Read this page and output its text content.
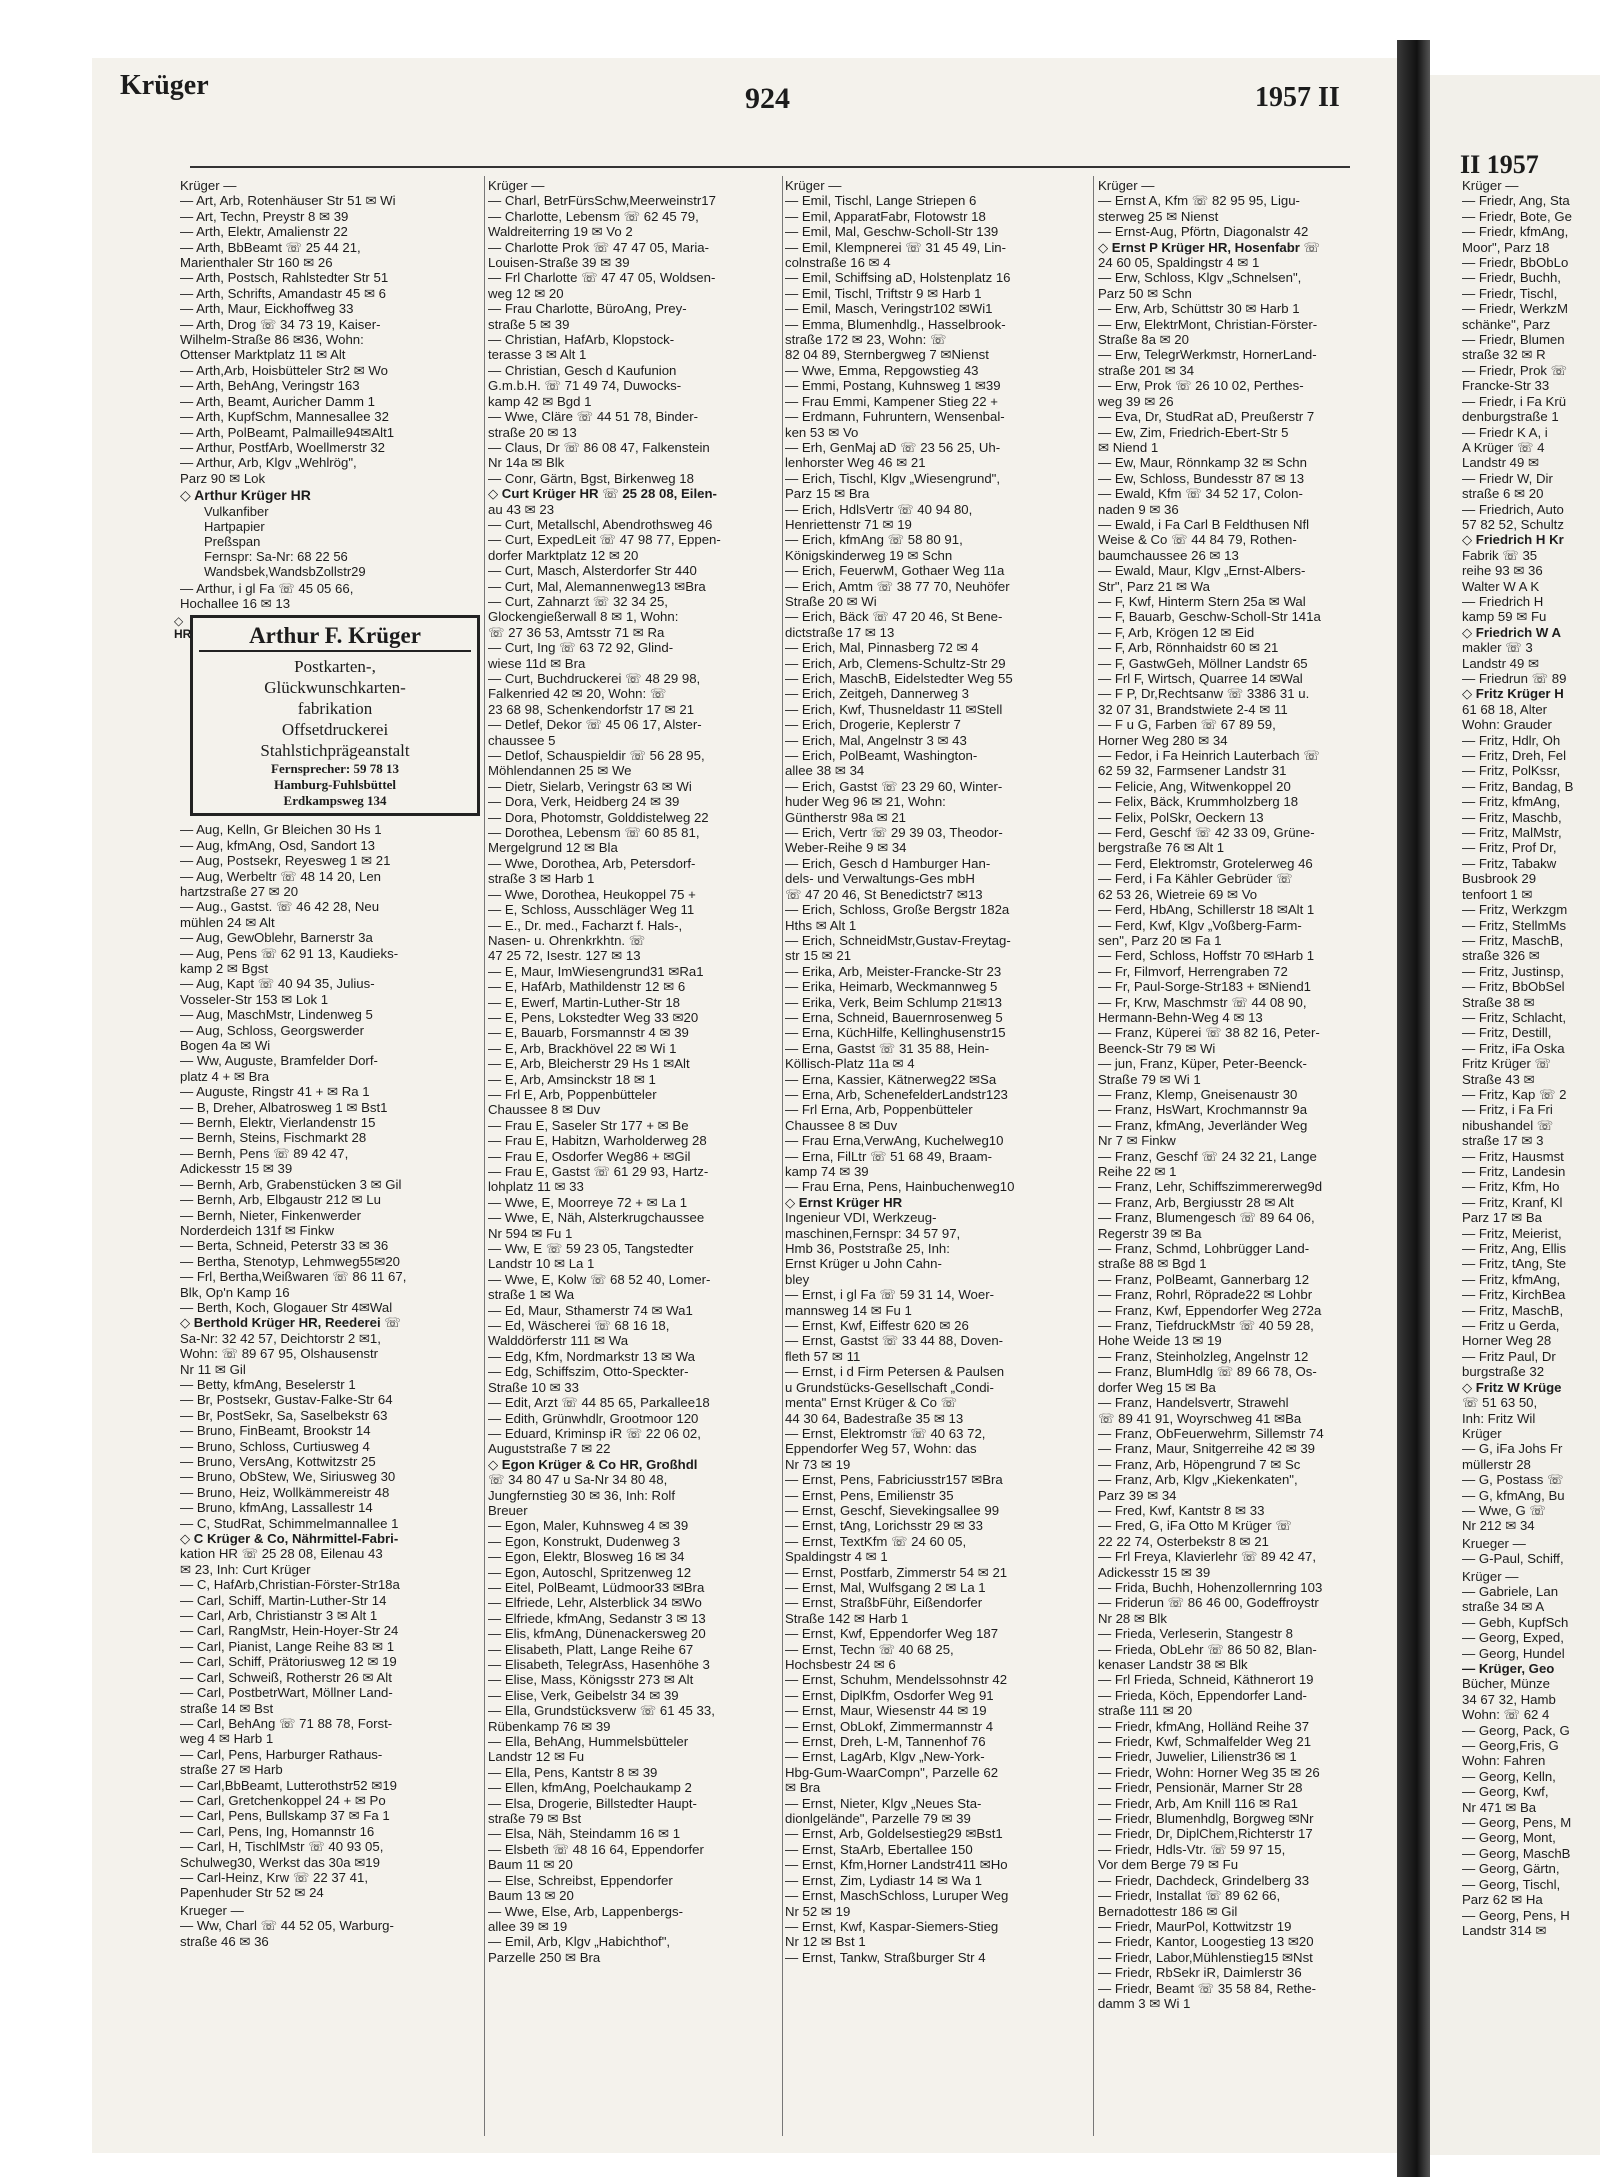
Krüger	924	1957 II
II 1957
Krüger —
— Art, Arb, Rotenhäuser Str 51 ✉ Wi
— Art, Techn, Preystr 8 ✉ 39
— Arth, Elektr, Amalienstr 22
— Arth, BbBeamt ☏ 25 44 21,
Marienthaler Str 160 ✉ 26
— Arth, Postsch, Rahlstedter Str 51
— Arth, Schrifts, Amandastr 45 ✉ 6
— Arth, Maur, Eickhoffweg 33
— Arth, Drog ☏ 34 73 19, Kaiser-
Wilhelm-Straße 86 ✉36, Wohn:
Ottenser Marktplatz 11 ✉ Alt
— Arth,Arb, Hoisbütteler Str2 ✉ Wo
— Arth, BehAng, Veringstr 163
— Arth, Beamt, Auricher Damm 1
— Arth, KupfSchm, Mannesallee 32
— Arth, PolBeamt, Palmaille94✉Alt1
— Arthur, PostfArb, Woellmerstr 32
— Arthur, Arb, Klgv „Wehlrög",
Parz 90 ✉ Lok
◇ Arthur Krüger HR
Vulkanfiber
Hartpapier
Preßspan
Fernspr: Sa-Nr: 68 22 56
Wandsbek,WandsbZollstr29
— Arthur, i gl Fa ☏ 45 05 66,
Hochallee 16 ✉ 13
◇ HR	Arthur F. Krüger
Postkarten-,
Glückwunschkarten-
fabrikation
Offsetdruckerei
Stahlstichprägeanstalt
Fernsprecher: 59 78 13
Hamburg-Fuhlsbüttel
Erdkampsweg 134
— Aug, Kelln, Gr Bleichen 30 Hs 1
— Aug, kfmAng, Osd, Sandort 13
— Aug, Postsekr, Reyesweg 1 ✉ 21
— Aug, Werbeltr ☏ 48 14 20, Len
hartzstraße 27 ✉ 20
— Aug., Gastst. ☏ 46 42 28, Neu
mühlen 24 ✉ Alt
— Aug, GewOblehr, Barnerstr 3a
— Aug, Pens ☏ 62 91 13, Kaudieks-
kamp 2 ✉ Bgst
— Aug, Kapt ☏ 40 94 35, Julius-
Vosseler-Str 153 ✉ Lok 1
— Aug, MaschMstr, Lindenweg 5
— Aug, Schloss, Georgswerder
Bogen 4a ✉ Wi
— Ww, Auguste, Bramfelder Dorf-
platz 4 + ✉ Bra
— Auguste, Ringstr 41 + ✉ Ra 1
— B, Dreher, Albatrosweg 1 ✉ Bst1
— Bernh, Elektr, Vierlandenstr 15
— Bernh, Steins, Fischmarkt 28
— Bernh, Pens ☏ 89 42 47,
Adickesstr 15 ✉ 39
— Bernh, Arb, Grabenstücken 3 ✉ Gil
— Bernh, Arb, Elbgaustr 212 ✉ Lu
— Bernh, Nieter, Finkenwerder
Norderdeich 131f ✉ Finkw
— Berta, Schneid, Peterstr 33 ✉ 36
— Bertha, Stenotyp, Lehmweg55✉20
— Frl, Bertha,Weißwaren ☏ 86 11 67,
Blk, Op'n Kamp 16
— Berth, Koch, Glogauer Str 4✉Wal
◇ Berthold Krüger HR, Reederei ☏
Sa-Nr: 32 42 57, Deichtorstr 2 ✉1,
Wohn: ☏ 89 67 95, Olshausenstr
Nr 11 ✉ Gil
— Betty, kfmAng, Beselerstr 1
— Br, Postsekr, Gustav-Falke-Str 64
— Br, PostSekr, Sa, Saselbekstr 63
— Bruno, FinBeamt, Brookstr 14
— Bruno, Schloss, Curtiusweg 4
— Bruno, VersAng, Kottwitzstr 25
— Bruno, ObStew, We, Siriusweg 30
— Bruno, Heiz, Wollkämmereistr 48
— Bruno, kfmAng, Lassallestr 14
— C, StudRat, Schimmelmannallee 1
◇ C Krüger & Co, Nährmittel-Fabri-
kation HR ☏ 25 28 08, Eilenau 43
✉ 23, Inh: Curt Krüger
— C, HafArb,Christian-Förster-Str18a
— Carl, Schiff, Martin-Luther-Str 14
— Carl, Arb, Christianstr 3 ✉ Alt 1
— Carl, RangMstr, Hein-Hoyer-Str 24
— Carl, Pianist, Lange Reihe 83 ✉ 1
— Carl, Schiff, Prätoriusweg 12 ✉ 19
— Carl, Schweiß, Rotherstr 26 ✉ Alt
— Carl, PostbetrWart, Möllner Land-
straße 14 ✉ Bst
— Carl, BehAng ☏ 71 88 78, Forst-
weg 4 ✉ Harb 1
— Carl, Pens, Harburger Rathaus-
straße 27 ✉ Harb
— Carl,BbBeamt, Lutterothstr52 ✉19
— Carl, Gretchenkoppel 24 + ✉ Po
— Carl, Pens, Bullskamp 37 ✉ Fa 1
— Carl, Pens, Ing, Homannstr 16
— Carl, H, TischlMstr ☏ 40 93 05,
Schulweg30, Werkst das 30a ✉19
— Carl-Heinz, Krw ☏ 22 37 41,
Papenhuder Str 52 ✉ 24
Krueger —
— Ww, Charl ☏ 44 52 05, Warburg-
straße 46 ✉ 36
Krüger —
— Charl, BetrFürsSchw,Meerweinstr17
— Charlotte, Lebensm ☏ 62 45 79,
Waldreiterring 19 ✉ Vo 2
— Charlotte Prok ☏ 47 47 05, Maria-
Louisen-Straße 39 ✉ 39
— Frl Charlotte ☏ 47 47 05, Woldsen-
weg 12 ✉ 20
— Frau Charlotte, BüroAng, Prey-
straße 5 ✉ 39
— Christian, HafArb, Klopstock-
terasse 3 ✉ Alt 1
— Christian, Gesch d Kaufunion
G.m.b.H. ☏ 71 49 74, Duwocks-
kamp 42 ✉ Bgd 1
— Wwe, Cläre ☏ 44 51 78, Binder-
straße 20 ✉ 13
— Claus, Dr ☏ 86 08 47, Falkenstein
Nr 14a ✉ Blk
— Conr, Gärtn, Bgst, Birkenweg 18
◇ Curt Krüger HR ☏ 25 28 08, Eilen-
au 43 ✉ 23
— Curt, Metallschl, Abendrothsweg 46
— Curt, ExpedLeit ☏ 47 98 77, Eppen-
dorfer Marktplatz 12 ✉ 20
— Curt, Masch, Alsterdorfer Str 440
— Curt, Mal, Alemannenweg13 ✉Bra
— Curt, Zahnarzt ☏ 32 34 25,
Glockengießerwall 8 ✉ 1, Wohn:
☏ 27 36 53, Amtsstr 71 ✉ Ra
— Curt, Ing ☏ 63 72 92, Glind-
wiese 11d ✉ Bra
— Curt, Buchdruckerei ☏ 48 29 98,
Falkenried 42 ✉ 20, Wohn: ☏
23 68 98, Schenkendorfstr 17 ✉ 21
— Detlef, Dekor ☏ 45 06 17, Alster-
chaussee 5
— Detlof, Schauspieldir ☏ 56 28 95,
Möhlendannen 25 ✉ We
— Dietr, Sielarb, Veringstr 63 ✉ Wi
— Dora, Verk, Heidberg 24 ✉ 39
— Dora, Photomstr, Golddistelweg 22
— Dorothea, Lebensm ☏ 60 85 81,
Mergelgrund 12 ✉ Bla
— Wwe, Dorothea, Arb, Petersdorf-
straße 3 ✉ Harb 1
— Wwe, Dorothea, Heukoppel 75 +
— E, Schloss, Ausschläger Weg 11
— E., Dr. med., Facharzt f. Hals-,
Nasen- u. Ohrenkrkhtn. ☏
47 25 72, Isestr. 127 ✉ 13
— E, Maur, ImWiesengrund31 ✉Ra1
— E, HafArb, Mathildenstr 12 ✉ 6
— E, Ewerf, Martin-Luther-Str 18
— E, Pens, Lokstedter Weg 33 ✉20
— E, Bauarb, Forsmannstr 4 ✉ 39
— E, Arb, Brackhövel 22 ✉ Wi 1
— E, Arb, Bleicherstr 29 Hs 1 ✉Alt
— E, Arb, Amsinckstr 18 ✉ 1
— Frl E, Arb, Poppenbütteler
Chaussee 8 ✉ Duv
— Frau E, Saseler Str 177 + ✉ Be
— Frau E, Habitzn, Warholderweg 28
— Frau E, Osdorfer Weg86 + ✉Gil
— Frau E, Gastst ☏ 61 29 93, Hartz-
lohplatz 11 ✉ 33
— Wwe, E, Moorreye 72 + ✉ La 1
— Wwe, E, Näh, Alsterkrugchaussee
Nr 594 ✉ Fu 1
— Ww, E ☏ 59 23 05, Tangstedter
Landstr 10 ✉ La 1
— Wwe, E, Kolw ☏ 68 52 40, Lomer-
straße 1 ✉ Wa
— Ed, Maur, Sthamerstr 74 ✉ Wa1
— Ed, Wäscherei ☏ 68 16 18,
Walddörferstr 111 ✉ Wa
— Edg, Kfm, Nordmarkstr 13 ✉ Wa
— Edg, Schiffszim, Otto-Speckter-
Straße 10 ✉ 33
— Edit, Arzt ☏ 44 85 65, Parkallee18
— Edith, Grünwhdlr, Grootmoor 120
— Eduard, Kriminsp iR ☏ 22 06 02,
Auguststraße 7 ✉ 22
◇ Egon Krüger & Co HR, Großhdl
☏ 34 80 47 u Sa-Nr 34 80 48,
Jungfernstieg 30 ✉ 36, Inh: Rolf
Breuer
— Egon, Maler, Kuhnsweg 4 ✉ 39
— Egon, Konstrukt, Dudenweg 3
— Egon, Elektr, Blosweg 16 ✉ 34
— Egon, Autoschl, Spritzenweg 12
— Eitel, PolBeamt, Lüdmoor33 ✉Bra
— Elfriede, Lehr, Alsterblick 34 ✉Wo
— Elfriede, kfmAng, Sedanstr 3 ✉ 13
— Elis, kfmAng, Dünenackersweg 20
— Elisabeth, Platt, Lange Reihe 67
— Elisabeth, TelegrAss, Hasenhöhe 3
— Elise, Mass, Königsstr 273 ✉ Alt
— Elise, Verk, Geibelstr 34 ✉ 39
— Ella, Grundstücksverw ☏ 61 45 33,
Rübenkamp 76 ✉ 39
— Ella, BehAng, Hummelsbütteler
Landstr 12 ✉ Fu
— Ella, Pens, Kantstr 8 ✉ 39
— Ellen, kfmAng, Poelchaukamp 2
— Elsa, Drogerie, Billstedter Haupt-
straße 79 ✉ Bst
— Elsa, Näh, Steindamm 16 ✉ 1
— Elsbeth ☏ 48 16 64, Eppendorfer
Baum 11 ✉ 20
— Else, Schreibst, Eppendorfer
Baum 13 ✉ 20
— Wwe, Else, Arb, Lappenbergs-
allee 39 ✉ 19
— Emil, Arb, Klgv „Habichthof",
Parzelle 250 ✉ Bra
Krüger —
— Emil, Tischl, Lange Striepen 6
— Emil, ApparatFabr, Flotowstr 18
— Emil, Mal, Geschw-Scholl-Str 139
— Emil, Klempnerei ☏ 31 45 49, Lin-
colnstraße 16 ✉ 4
— Emil, Schiffsing aD, Holstenplatz 16
— Emil, Tischl, Triftstr 9 ✉ Harb 1
— Emil, Masch, Veringstr102 ✉Wi1
— Emma, Blumenhdlg., Hasselbrook-
straße 172 ✉ 23, Wohn: ☏
82 04 89, Sternbergweg 7 ✉Nienst
— Wwe, Emma, Repgowstieg 43
— Emmi, Postang, Kuhnsweg 1 ✉39
— Frau Emmi, Kampener Stieg 22 +
— Erdmann, Fuhruntern, Wensenbal-
ken 53 ✉ Vo
— Erh, GenMaj aD ☏ 23 56 25, Uh-
lenhorster Weg 46 ✉ 21
— Erich, Tischl, Klgv „Wiesengrund",
Parz 15 ✉ Bra
— Erich, HdlsVertr ☏ 40 94 80,
Henriettenstr 71 ✉ 19
— Erich, kfmAng ☏ 58 80 91,
Königskinderweg 19 ✉ Schn
— Erich, FeuerwM, Gothaer Weg 11a
— Erich, Amtm ☏ 38 77 70, Neuhöfer
Straße 20 ✉ Wi
— Erich, Bäck ☏ 47 20 46, St Bene-
dictstraße 17 ✉ 13
— Erich, Mal, Pinnasberg 72 ✉ 4
— Erich, Arb, Clemens-Schultz-Str 29
— Erich, MaschB, Eidelstedter Weg 55
— Erich, Zeitgeh, Dannerweg 3
— Erich, Kwf, Thusneldastr 11 ✉Stell
— Erich, Drogerie, Keplerstr 7
— Erich, Mal, Angelnstr 3 ✉ 43
— Erich, PolBeamt, Washington-
allee 38 ✉ 34
— Erich, Gastst ☏ 23 29 60, Winter-
huder Weg 96 ✉ 21, Wohn:
Güntherstr 98a ✉ 21
— Erich, Vertr ☏ 29 39 03, Theodor-
Weber-Reihe 9 ✉ 34
— Erich, Gesch d Hamburger Han-
dels- und Verwaltungs-Ges mbH
☏ 47 20 46, St Benedictstr7 ✉13
— Erich, Schloss, Große Bergstr 182a
Hths ✉ Alt 1
— Erich, SchneidMstr,Gustav-Freytag-
str 15 ✉ 21
— Erika, Arb, Meister-Francke-Str 23
— Erika, Heimarb, Weckmannweg 5
— Erika, Verk, Beim Schlump 21✉13
— Erna, Schneid, Bauernrosenweg 5
— Erna, KüchHilfe, Kellinghusenstr15
— Erna, Gastst ☏ 31 35 88, Hein-
Köllisch-Platz 11a ✉ 4
— Erna, Kassier, Kätnerweg22 ✉Sa
— Erna, Arb, SchenefelderLandstr123
— Frl Erna, Arb, Poppenbütteler
Chaussee 8 ✉ Duv
— Frau Erna,VerwAng, Kuchelweg10
— Erna, FilLtr ☏ 51 68 49, Braam-
kamp 74 ✉ 39
— Frau Erna, Pens, Hainbuchenweg10
◇ Ernst Krüger HR
Ingenieur VDI, Werkzeug-
maschinen,Fernspr: 34 57 97,
Hmb 36, Poststraße 25, Inh:
Ernst Krüger u John Cahn-
bley
— Ernst, i gl Fa ☏ 59 31 14, Woer-
mannsweg 14 ✉ Fu 1
— Ernst, Kwf, Eiffestr 620 ✉ 26
— Ernst, Gastst ☏ 33 44 88, Doven-
fleth 57 ✉ 11
— Ernst, i d Firm Petersen & Paulsen
u Grundstücks-Gesellschaft „Condi-
menta" Ernst Krüger & Co ☏
44 30 64, Badestraße 35 ✉ 13
— Ernst, Elektromstr ☏ 40 63 72,
Eppendorfer Weg 57, Wohn: das
Nr 73 ✉ 19
— Ernst, Pens, Fabriciusstr157 ✉Bra
— Ernst, Pens, Emilienstr 35
— Ernst, Geschf, Sievekingsallee 99
— Ernst, tAng, Lorichsstr 29 ✉ 33
— Ernst, TextKfm ☏ 24 60 05,
Spaldingstr 4 ✉ 1
— Ernst, Postfarb, Zimmerstr 54 ✉ 21
— Ernst, Mal, Wulfsgang 2 ✉ La 1
— Ernst, StraßbFühr, Eißendorfer
Straße 142 ✉ Harb 1
— Ernst, Kwf, Eppendorfer Weg 187
— Ernst, Techn ☏ 40 68 25,
Hochsbestr 24 ✉ 6
— Ernst, Schuhm, Mendelssohnstr 42
— Ernst, DiplKfm, Osdorfer Weg 91
— Ernst, Maur, Wiesenstr 44 ✉ 19
— Ernst, ObLokf, Zimmermannstr 4
— Ernst, Dreh, L-M, Tannenhof 76
— Ernst, LagArb, Klgv „New-York-
Hbg-Gum-WaarCompn", Parzelle 62
✉ Bra
— Ernst, Nieter, Klgv „Neues Sta-
dionlgelände", Parzelle 79 ✉ 39
— Ernst, Arb, Goldelsestieg29 ✉Bst1
— Ernst, StaArb, Ebertallee 150
— Ernst, Kfm,Horner Landstr411 ✉Ho
— Ernst, Zim, Lydiastr 14 ✉ Wa 1
— Ernst, MaschSchloss, Luruper Weg
Nr 52 ✉ 19
— Ernst, Kwf, Kaspar-Siemers-Stieg
Nr 12 ✉ Bst 1
— Ernst, Tankw, Straßburger Str 4
Krüger —
— Ernst A, Kfm ☏ 82 95 95, Ligu-
sterweg 25 ✉ Nienst
— Ernst-Aug, Pförtn, Diagonalstr 42
◇ Ernst P Krüger HR, Hosenfabr ☏
24 60 05, Spaldingstr 4 ✉ 1
— Erw, Schloss, Klgv „Schnelsen",
Parz 50 ✉ Schn
— Erw, Arb, Schüttstr 30 ✉ Harb 1
— Erw, ElektrMont, Christian-Förster-
Straße 8a ✉ 20
— Erw, TelegrWerkmstr, HornerLand-
straße 201 ✉ 34
— Erw, Prok ☏ 26 10 02, Perthes-
weg 39 ✉ 26
— Eva, Dr, StudRat aD, Preußerstr 7
— Ew, Zim, Friedrich-Ebert-Str 5
✉ Niend 1
— Ew, Maur, Rönnkamp 32 ✉ Schn
— Ew, Schloss, Bundesstr 87 ✉ 13
— Ewald, Kfm ☏ 34 52 17, Colon-
naden 9 ✉ 36
— Ewald, i Fa Carl B Feldthusen Nfl
Weise & Co ☏ 44 84 79, Rothen-
baumchaussee 26 ✉ 13
— Ewald, Maur, Klgv „Ernst-Albers-
Str", Parz 21 ✉ Wa
— F, Kwf, Hinterm Stern 25a ✉ Wal
— F, Bauarb, Geschw-Scholl-Str 141a
— F, Arb, Krögen 12 ✉ Eid
— F, Arb, Rönnhaidstr 60 ✉ 21
— F, GastwGeh, Möllner Landstr 65
— Frl F, Wirtsch, Quarree 14 ✉Wal
— F P, Dr,Rechtsanw ☏ 3386 31 u.
32 07 31, Brandstwiete 2-4 ✉ 11
— F u G, Farben ☏ 67 89 59,
Horner Weg 280 ✉ 34
— Fedor, i Fa Heinrich Lauterbach ☏
62 59 32, Farmsener Landstr 31
— Felicie, Ang, Witwenkoppel 20
— Felix, Bäck, Krummholzberg 18
— Felix, PolSkr, Oeckern 13
— Ferd, Geschf ☏ 42 33 09, Grüne-
bergstraße 76 ✉ Alt 1
— Ferd, Elektromstr, Grotelerweg 46
— Ferd, i Fa Kähler Gebrüder ☏
62 53 26, Wietreie 69 ✉ Vo
— Ferd, HbAng, Schillerstr 18 ✉Alt 1
— Ferd, Kwf, Klgv „Voßberg-Farm-
sen", Parz 20 ✉ Fa 1
— Ferd, Schloss, Hoffstr 70 ✉Harb 1
— Fr, Filmvorf, Herrengraben 72
— Fr, Paul-Sorge-Str183 + ✉Niend1
— Fr, Krw, Maschmstr ☏ 44 08 90,
Hermann-Behn-Weg 4 ✉ 13
— Franz, Küperei ☏ 38 82 16, Peter-
Beenck-Str 79 ✉ Wi
— jun, Franz, Küper, Peter-Beenck-
Straße 79 ✉ Wi 1
— Franz, Klemp, Gneisenaustr 30
— Franz, HsWart, Krochmannstr 9a
— Franz, kfmAng, Jeverländer Weg
Nr 7 ✉ Finkw
— Franz, Geschf ☏ 24 32 21, Lange
Reihe 22 ✉ 1
— Franz, Lehr, Schiffszimmererweg9d
— Franz, Arb, Bergiusstr 28 ✉ Alt
— Franz, Blumengesch ☏ 89 64 06,
Regerstr 39 ✉ Ba
— Franz, Schmd, Lohbrügger Land-
straße 88 ✉ Bgd 1
— Franz, PolBeamt, Gannerbarg 12
— Franz, Rohrl, Röprade22 ✉ Lohbr
— Franz, Kwf, Eppendorfer Weg 272a
— Franz, TiefdruckMstr ☏ 40 59 28,
Hohe Weide 13 ✉ 19
— Franz, Steinholzleg, Angelnstr 12
— Franz, BlumHdlg ☏ 89 66 78, Os-
dorfer Weg 15 ✉ Ba
— Franz, Handelsvertr, Strawehl
☏ 89 41 91, Woyrschweg 41 ✉Ba
— Franz, ObFeuerwehrm, Sillemstr 74
— Franz, Maur, Snitgerreihe 42 ✉ 39
— Franz, Arb, Höpengrund 7 ✉ Sc
— Franz, Arb, Klgv „Kiekenkaten",
Parz 39 ✉ 34
— Fred, Kwf, Kantstr 8 ✉ 33
— Fred, G, iFa Otto M Krüger ☏
22 22 74, Osterbekstr 8 ✉ 21
— Frl Freya, Klavierlehr ☏ 89 42 47,
Adickesstr 15 ✉ 39
— Frida, Buchh, Hohenzollernring 103
— Friderun ☏ 86 46 00, Godeffroystr
Nr 28 ✉ Blk
— Frieda, Verleserin, Stangestr 8
— Frieda, ObLehr ☏ 86 50 82, Blan-
kenaser Landstr 38 ✉ Blk
— Frl Frieda, Schneid, Käthnerort 19
— Frieda, Köch, Eppendorfer Land-
straße 111 ✉ 20
— Friedr, kfmAng, Holländ Reihe 37
— Friedr, Kwf, Schmalfelder Weg 21
— Friedr, Juwelier, Lilienstr36 ✉ 1
— Friedr, Wohn: Horner Weg 35 ✉ 26
— Friedr, Pensionär, Marner Str 28
— Friedr, Arb, Am Knill 116 ✉ Ra1
— Friedr, Blumenhdlg, Borgweg ✉Nr
— Friedr, Dr, DiplChem,Richterstr 17
— Friedr, Hdls-Vtr. ☏ 59 97 15,
Vor dem Berge 79 ✉ Fu
— Friedr, Dachdeck, Grindelberg 33
— Friedr, Installat ☏ 89 62 66,
Bernadottestr 186 ✉ Gil
— Friedr, MaurPol, Kottwitzstr 19
— Friedr, Kantor, Loogestieg 13 ✉20
— Friedr, Labor,Mühlenstieg15 ✉Nst
— Friedr, RbSekr iR, Daimlerstr 36
— Friedr, Beamt ☏ 35 58 84, Rethe-
damm 3 ✉ Wi 1
Krüger —
— Friedr, Ang, Sta
— Friedr, Bote, Ge
— Friedr, kfmAng,
Moor", Parz 18
— Friedr, BbObLo
— Friedr, Buchh,
— Friedr, Tischl,
— Friedr, WerkzM
schänke", Parz
— Friedr, Blumen
straße 32 ✉ R
— Friedr, Prok ☏
Francke-Str 33
— Friedr, i Fa Krü
denburgstraße 1
— Friedr K A, i
A Krüger ☏ 4
Landstr 49 ✉
— Friedr W, Dir
straße 6 ✉ 20
— Friedrich, Auto
57 82 52, Schultz
◇ Friedrich H Kr
Fabrik ☏ 35
reihe 93 ✉ 36
Walter W A K
— Friedrich H
kamp 59 ✉ Fu
◇ Friedrich W A
makler ☏ 3
Landstr 49 ✉
— Friedrun ☏ 89
◇ Fritz Krüger H
61 68 18, Alter
Wohn: Grauder
— Fritz, Hdlr, Oh
— Fritz, Dreh, Fel
— Fritz, PolKssr,
— Fritz, Bandag, B
— Fritz, kfmAng,
— Fritz, Maschb,
— Fritz, MalMstr,
— Fritz, Prof Dr,
— Fritz, Tabakw
Busbrook 29
tenfoort 1 ✉
— Fritz, Werkzgm
— Fritz, StellmMs
— Fritz, MaschB,
straße 326 ✉
— Fritz, Justinsp,
— Fritz, BbObSel
Straße 38 ✉
— Fritz, Schlacht,
— Fritz, Destill,
— Fritz, iFa Oska
Fritz Krüger ☏
Straße 43 ✉
— Fritz, Kap ☏ 2
— Fritz, i Fa Fri
nibushandel ☏
straße 17 ✉ 3
— Fritz, Hausmst
— Fritz, Landesin
— Fritz, Kfm, Ho
— Fritz, Kranf, Kl
Parz 17 ✉ Ba
— Fritz, Meierist,
— Fritz, Ang, Ellis
— Fritz, tAng, Ste
— Fritz, kfmAng,
— Fritz, KirchBea
— Fritz, MaschB,
— Fritz u Gerda,
Horner Weg 28
— Fritz Paul, Dr
burgstraße 32
◇ Fritz W Krüge
☏ 51 63 50,
Inh: Fritz Wil
Krüger
— G, iFa Johs Fr
müllerstr 28
— G, Postass ☏
— G, kfmAng, Bu
— Wwe, G ☏
Nr 212 ✉ 34
Krueger —
— G-Paul, Schiff,
Krüger —
— Gabriele, Lan
straße 34 ✉ A
— Gebh, KupfSch
— Georg, Exped,
— Georg, Hundel
— Krüger, Geo
Bücher, Münze
34 67 32, Hamb
Wohn: ☏ 62 4
— Georg, Pack, G
— Georg,Fris, G
Wohn: Fahren
— Georg, Kelln,
— Georg, Kwf,
Nr 471 ✉ Ba
— Georg, Pens, M
— Georg, Mont,
— Georg, MaschB
— Georg, Gärtn,
— Georg, Tischl,
Parz 62 ✉ Ha
— Georg, Pens, H
Landstr 314 ✉
